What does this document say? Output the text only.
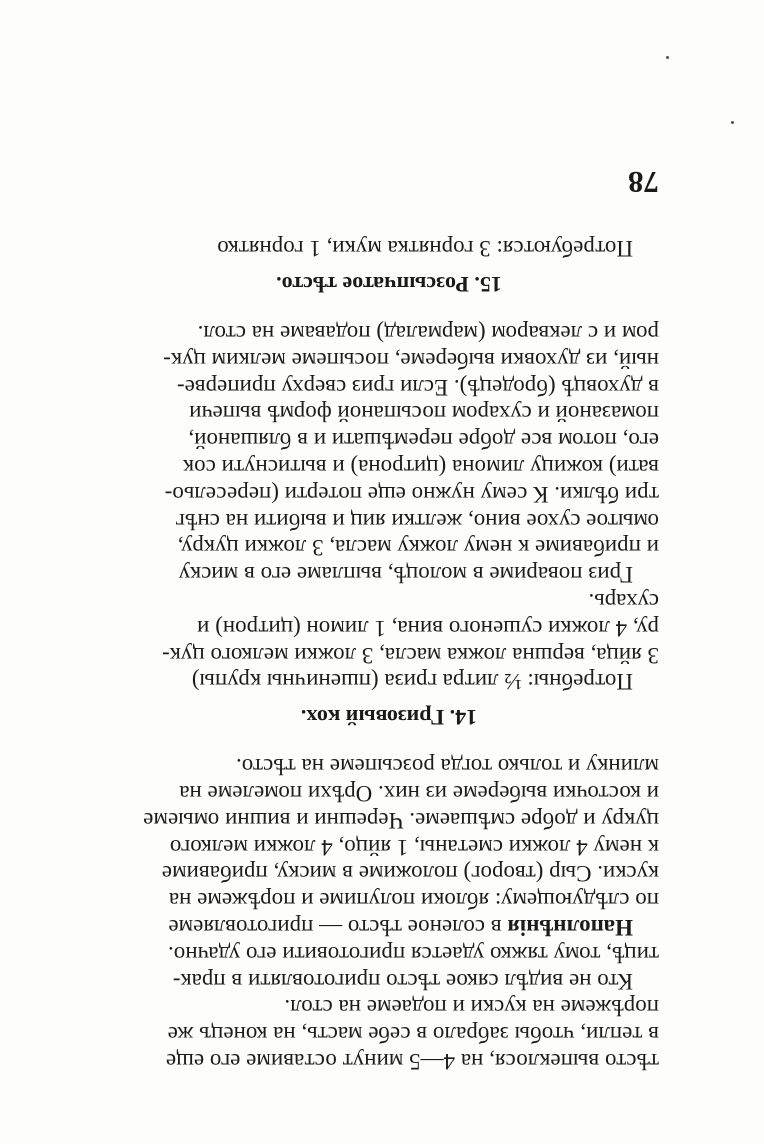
78
15. Розсыпчатое тѣсто.

Потребуются: 3 горнятка муки, 1 горнятко

Гриз повариме в молоцѣ, выпламе его в миску

и прибавиме к нему ложку масла, 3 ложки цукру,

омытое сухое вино, желтки яиц и выбити на снѣг

три бѣлки. К сему нужно еще потерти (пересельо-

вати) кожицу лимона (цитрона) и вытиснути сок

его, потом все добре перемѣшати и в бляшаной,

помазаной и сухаром посыпаной формѣ выпечи

в духовцѣ (бродецѣ). Если гриз сверху приперве-

ный, из духовки выберeме, посыпеме мелким цук-

ром и с лекваром (мармалад) подаваме на стол.

14. Гризовый кох.

Потребны: ½ литра гриза (пшеничны крупы)

3 яйца, вершна ложка масла, 3 ложки мелкого цук-

ру, 4 ложки сушеного вина, 1 лимон (цитрон) и

сухарь.

Наполнѣнія в соленое тѣсто — приготовляеме

по слѣдующему: яблоки полупиме и порѣжеме на

куски. Сыр (творог) положиме в миску, прибавиме

к нему 4 ложки сметаны, 1 яйцо, 4 ложки мелкого

цукру и добре смѣшаеме. Черешни и вишни омыеме

и косточки выбереме из них. Орѣхи помелеме на

млинку и только тогда розсыпеме на тѣсто.

Кто не видѣл сякое тѣсто приготовляти в прак-

тицѣ, тому тяжко удается приготовити его удачно.

тѣсто выпеклося, на 4—5 минут оставиме его еще

в тепли, чтобы забрало в себе масть, на конецъ же

порѣжеме на куски и подаеме на стол.
